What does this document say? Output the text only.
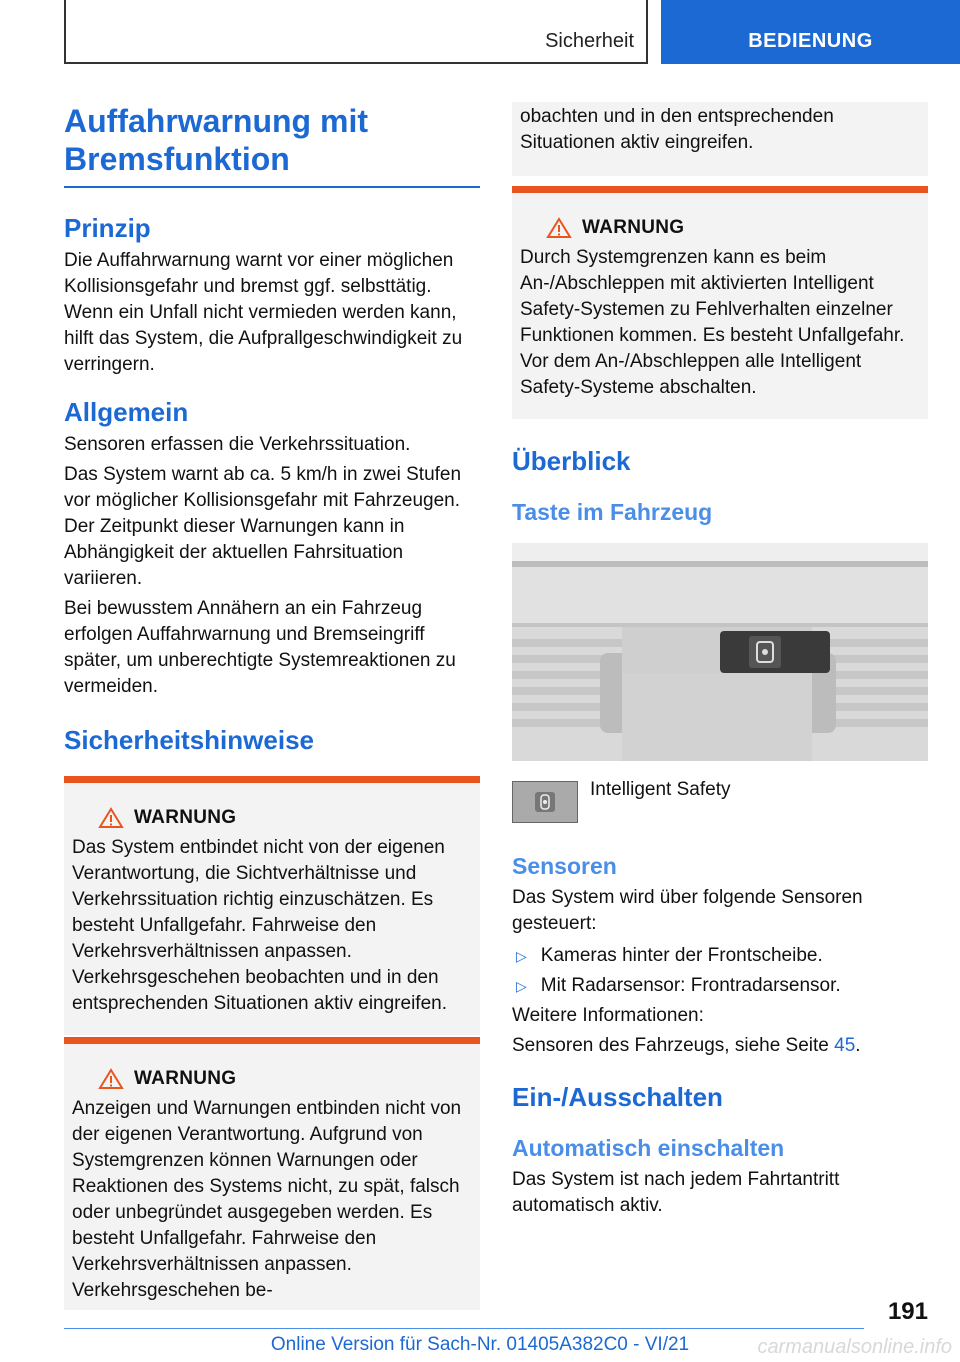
Sicherheit	BEDIENUNG
Auffahrwarnung mit Bremsfunktion
Prinzip

Die Auffahrwarnung warnt vor einer möglichen Kollisionsgefahr und bremst ggf. selbsttätig. Wenn ein Unfall nicht vermieden werden kann, hilft das System, die Aufprallgeschwindigkeit zu verringern.

Allgemein

Sensoren erfassen die Verkehrssituation.

Das System warnt ab ca. 5 km/h in zwei Stufen vor möglicher Kollisionsgefahr mit Fahrzeugen. Der Zeitpunkt dieser Warnungen kann in Abhängigkeit der aktuellen Fahrsituation variieren.

Bei bewusstem Annähern an ein Fahrzeug erfolgen Auffahrwarnung und Bremseingriff später, um unberechtigte Systemreaktionen zu vermeiden.

Sicherheitshinweise
WARNUNG

Das System entbindet nicht von der eigenen Verantwortung, die Sichtverhältnisse und Verkehrssituation richtig einzuschätzen. Es besteht Unfallgefahr. Fahrweise den Verkehrsverhältnissen anpassen. Verkehrsgeschehen beobachten und in den entsprechenden Situationen aktiv eingreifen.

WARNUNG

Anzeigen und Warnungen entbinden nicht von der eigenen Verantwortung. Aufgrund von Systemgrenzen können Warnungen oder Reaktionen des Systems nicht, zu spät, falsch oder unbegründet ausgegeben werden. Es besteht Unfallgefahr. Fahrweise den Verkehrsverhältnissen anpassen. Verkehrsgeschehen be-

obachten und in den entsprechenden Situationen aktiv eingreifen.

WARNUNG

Durch Systemgrenzen kann es beim An-/Abschleppen mit aktivierten Intelligent Safety-Systemen zu Fehlverhalten einzelner Funktionen kommen. Es besteht Unfallgefahr. Vor dem An-/Abschleppen alle Intelligent Safety-Systeme abschalten.

Überblick
Taste im Fahrzeug

Intelligent Safety

Sensoren

Das System wird über folgende Sensoren gesteuert:

▷ Kameras hinter der Frontscheibe.
▷ Mit Radarsensor: Frontradarsensor.

Weitere Informationen:

Sensoren des Fahrzeugs, siehe Seite 45.

Ein-/Ausschalten
Automatisch einschalten

Das System ist nach jedem Fahrtantritt automatisch aktiv.

191
Online Version für Sach-Nr. 01405A382C0 - VI/21	carmanualsonline.info
